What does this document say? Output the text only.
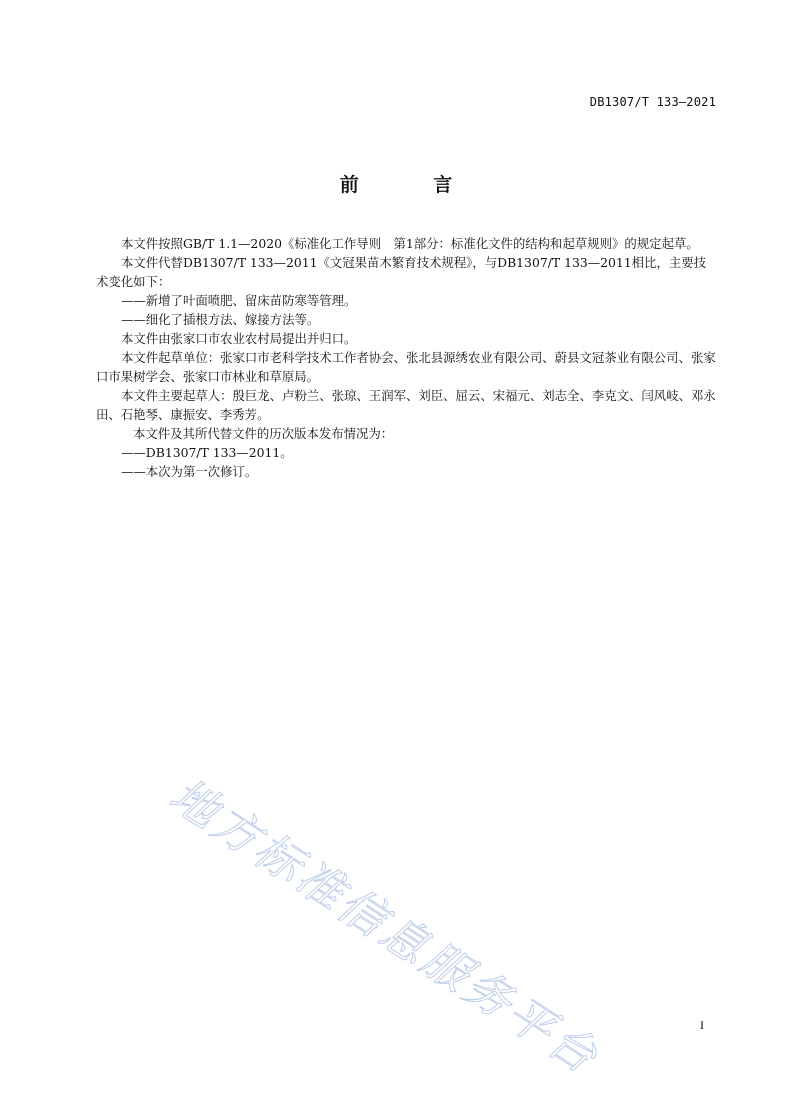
DB1307/T 133—2021
前 言

本文件按照GB/T 1.1—2020《标准化工作导则　第1部分：标准化文件的结构和起草规则》的规定起草。

本文件代替DB1307/T 133—2011《文冠果苗木繁育技术规程》，与DB1307/T 133—2011相比，主要技术变化如下：

——新增了叶面喷肥、留床苗防寒等管理。

——细化了插根方法、嫁接方法等。

本文件由张家口市农业农村局提出并归口。

本文件起草单位：张家口市老科学技术工作者协会、张北县源绣农业有限公司、蔚县文冠茶业有限公司、张家口市果树学会、张家口市林业和草原局。

本文件主要起草人：殷巨龙、卢粉兰、张琼、王润军、刘臣、屈云、宋福元、刘志全、李克文、闫风岐、邓永田、石艳琴、康振安、李秀芳。

本文件及其所代替文件的历次版本发布情况为：

——DB1307/T 133—2011。

——本次为第一次修订。

地方标准信息服务平台	I
